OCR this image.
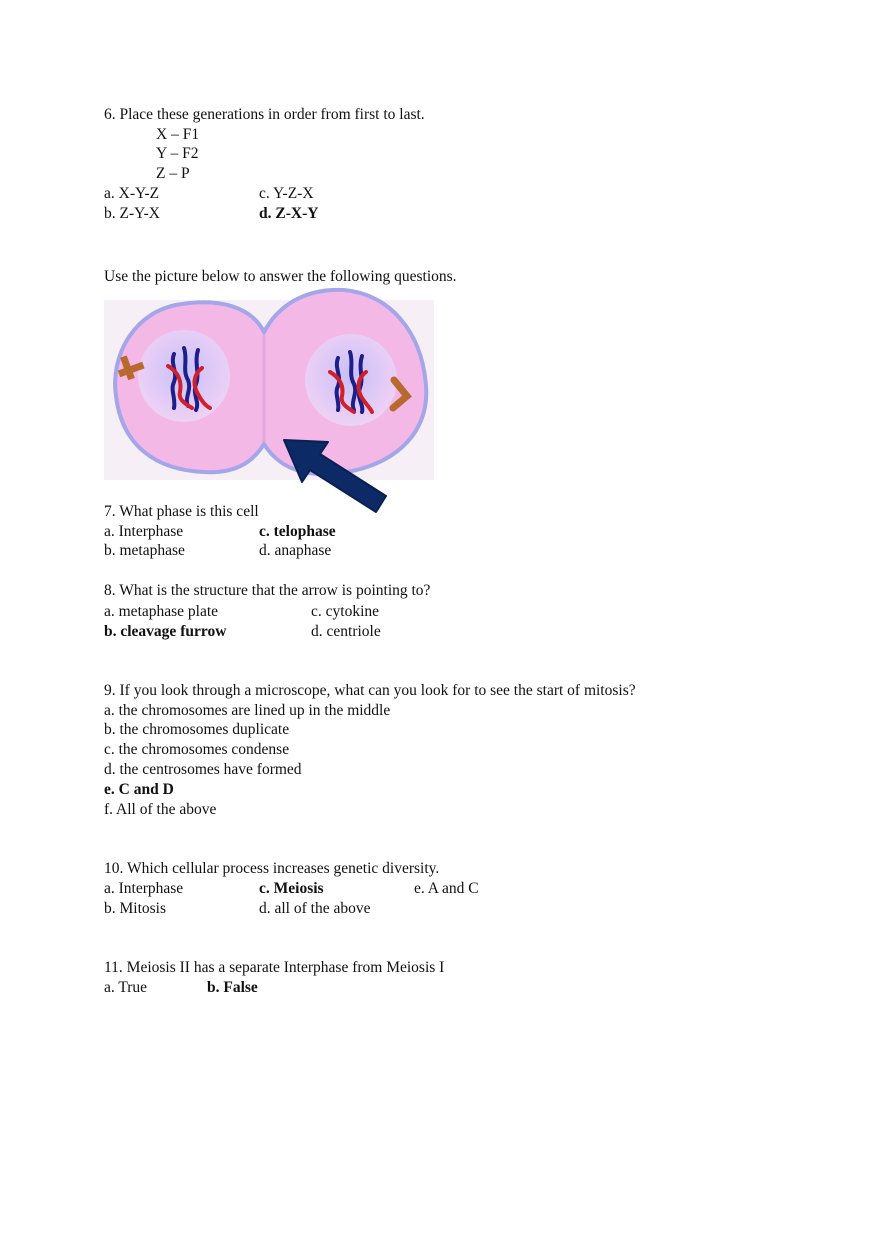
6. Place these generations in order from first to last.
X – F1
Y – F2
Z – P
a. X-Y-Z	c. Y-Z-X
b. Z-Y-X	d. Z-X-Y
Use the picture below to answer the following questions.
7. What phase is this cell
a. Interphase	c. telophase
b. metaphase	d. anaphase
8. What is the structure that the arrow is pointing to?
a. metaphase plate	c. cytokine
b. cleavage furrow	d. centriole
9. If you look through a microscope, what can you look for to see the start of mitosis?
a. the chromosomes are lined up in the middle
b. the chromosomes duplicate
c. the chromosomes condense
d. the centrosomes have formed
e. C and D
f. All of the above
10. Which cellular process increases genetic diversity.
a. Interphase	c. Meiosis	e. A and C
b. Mitosis	d. all of the above
11. Meiosis II has a separate Interphase from Meiosis I
a. True	b. False
